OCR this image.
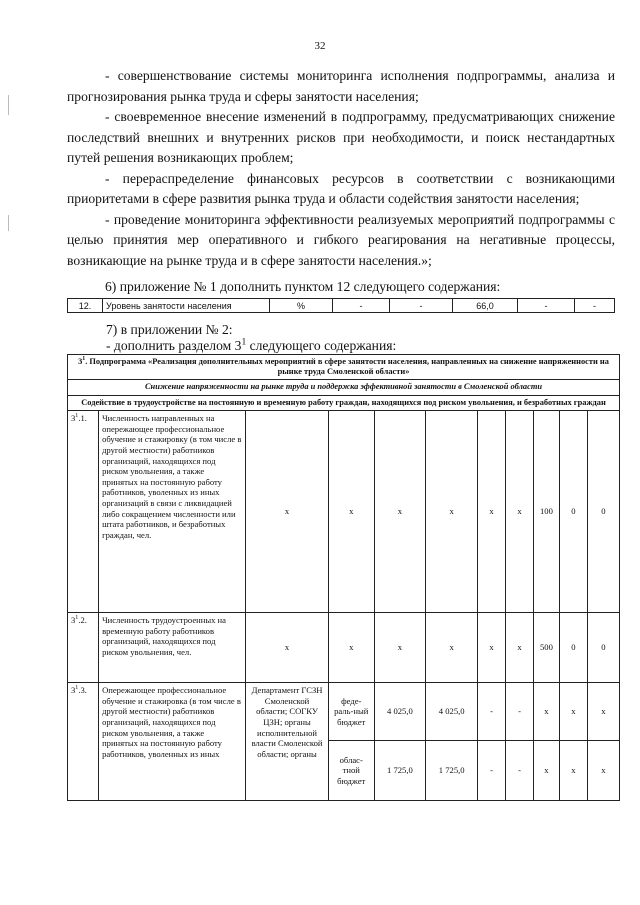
32

- совершенствование системы мониторинга исполнения подпрограммы, анализа и прогнозирования рынка труда и сферы занятости населения;

- своевременное внесение изменений в подпрограмму, предусматривающих снижение последствий внешних и внутренних рисков при необходимости, и поиск нестандартных путей решения возникающих проблем;

- перераспределение финансовых ресурсов в соответствии с возникающими приоритетами в сфере развития рынка труда и области содействия занятости населения;

- проведение мониторинга эффективности реализуемых мероприятий подпрограммы с целью принятия мер оперативного и гибкого реагирования на негативные процессы, возникающие на рынке труда и в сфере занятости населения.»;

6) приложение № 1 дополнить пунктом 12 следующего содержания:

12.	Уровень занятости населения	%	-	-	66,0	-	-
7) в приложении № 2:
- дополнить разделом $3^1$ следующего содержания:
$3^1$. Подпрограмма «Реализация дополнительных мероприятий в сфере занятости населения, направленных на снижение напряженности на рынке труда Смоленской области»										
Снижение напряженности на рынке труда и поддержка эффективной занятости в Смоленской области										
Содействие в трудоустройстве на постоянную и временную работу граждан, находящихся под риском увольнения, и безработных граждан										
$3^1.1$.	Численность направленных на опережающее профессиональное обучение и стажировку (в том числе в другой местности) работников организаций, находящихся под риском увольнения, а также принятых на постоянную работу работников, уволенных из иных организаций в связи с ликвидацией либо сокращением численности или штата работников, и безработных граждан, чел.	x	x	x	x	x	x	100	0	0
$3^1.2$.	Численность трудоустроенных на временную работу работников организаций, находящихся под риском увольнения, чел.	x	x	x	x	x	x	500	0	0
$3^1.3$.	Опережающее профессиональное обучение и стажировка (в том числе в другой местности) работников организаций, находящихся под риском увольнения, а также принятых на постоянную работу работников, уволенных из иных	Департамент ГСЗН Смоленской области; СОГКУ ЦЗН; органы исполнительной власти Смоленской области; органы	феде-раль-ный бюджет	4 025,0	4 025,0	-	-	x	x	x
			облас-тной бюджет	1 725,0	1 725,0	-	-	x	x	x
